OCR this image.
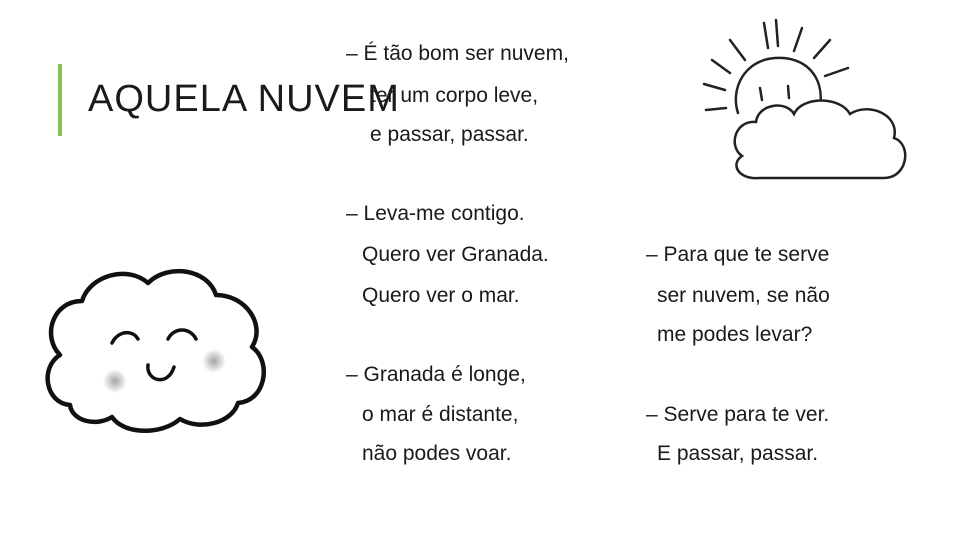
AQUELA NUVEM
– É tão bom ser nuvem,
ter um corpo leve,
e passar, passar.
– Leva-me contigo.
Quero ver Granada.
Quero ver o mar.
– Para que te serve
ser nuvem, se não
me podes levar?
– Granada é longe,
o mar é distante,
não podes voar.
– Serve para te ver.
E passar, passar.
